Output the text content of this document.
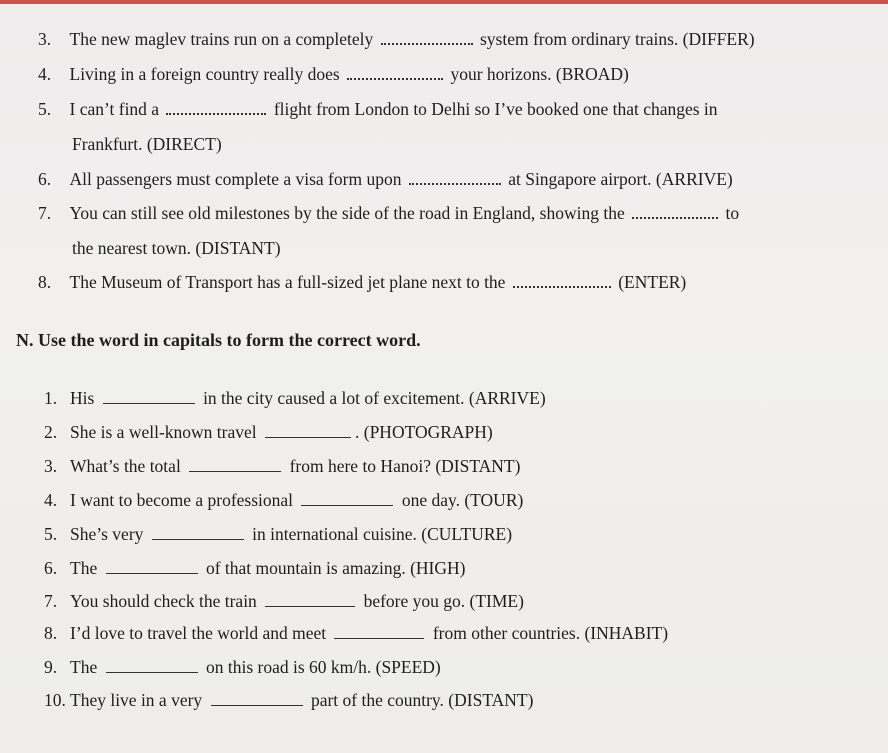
3. The new maglev trains run on a completely	system from ordinary trains. (DIFFER)
4. Living in a foreign country really does	your horizons. (BROAD)
5. I can’t find a	flight from London to Delhi so I’ve booked one that changes in
Frankfurt. (DIRECT)
6. All passengers must complete a visa form upon	at Singapore airport. (ARRIVE)
7. You can still see old milestones by the side of the road in England, showing the	to
the nearest town. (DISTANT)
8. The Museum of Transport has a full-sized jet plane next to the	(ENTER)
N. Use the word in capitals to form the correct word.
1. His	in the city caused a lot of excitement. (ARRIVE)
2. She is a well-known travel	. (PHOTOGRAPH)
3. What’s the total	from here to Hanoi? (DISTANT)
4. I want to become a professional	one day. (TOUR)
5. She’s very	in international cuisine. (CULTURE)
6. The	of that mountain is amazing. (HIGH)
7. You should check the train	before you go. (TIME)
8. I’d love to travel the world and meet	from other countries. (INHABIT)
9. The	on this road is 60 km/h. (SPEED)
10. They live in a very	part of the country. (DISTANT)
